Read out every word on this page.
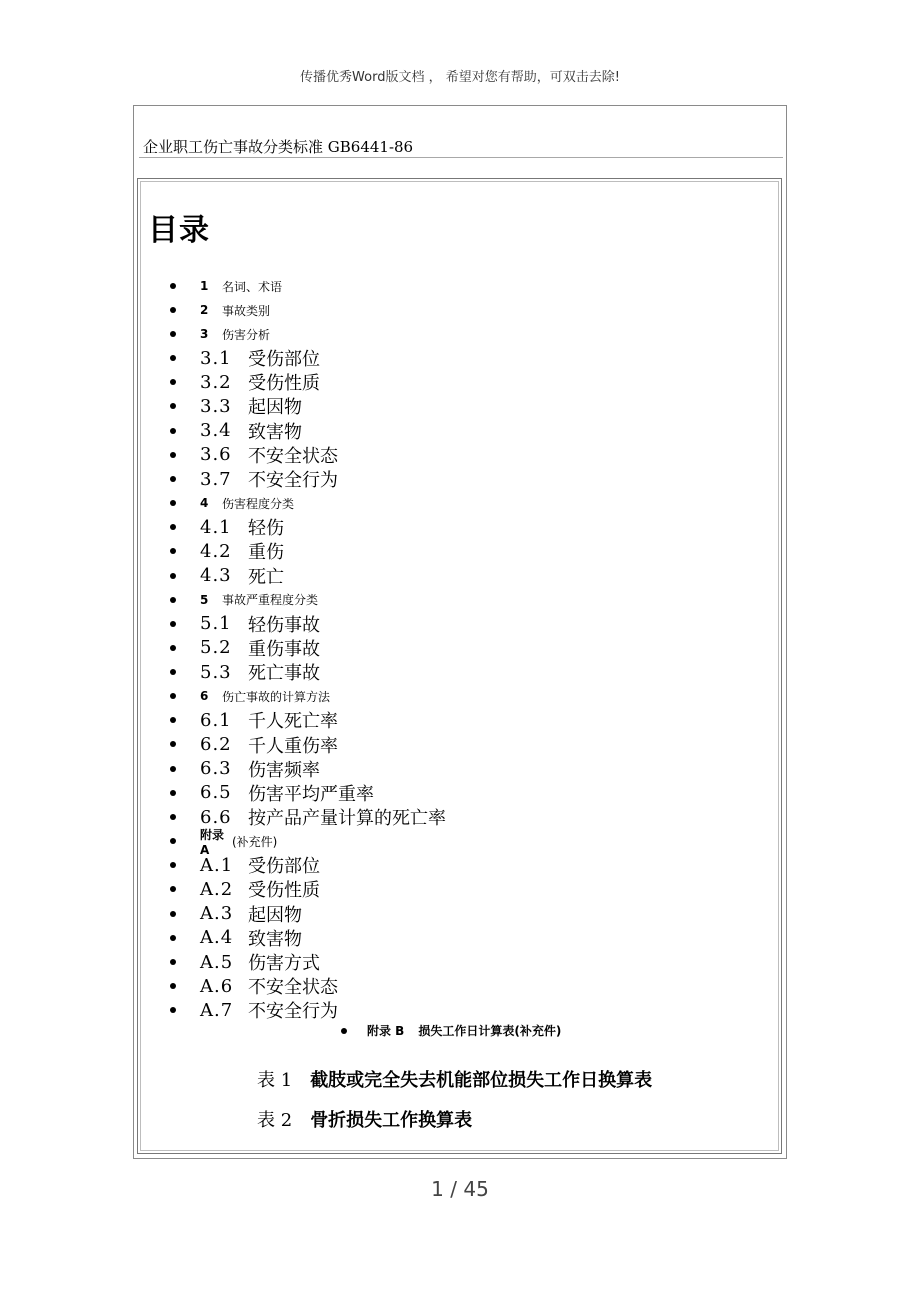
传播优秀Word版文档 ， 希望对您有帮助，可双击去除!
企业职工伤亡事故分类标准 GB6441-86
目录
1	名词、术语
2	事故类别
3	伤害分析
3.1 受伤部位
3.2 受伤性质
3.3 起因物
3.4 致害物
3.6 不安全状态
3.7 不安全行为
4	伤害程度分类
4.1 轻伤
4.2 重伤
4.3 死亡
5	事故严重程度分类
5.1 轻伤事故
5.2 重伤事故
5.3 死亡事故
6	伤亡事故的计算方法
6.1 千人死亡率
6.2 千人重伤率
6.3 伤害频率
6.5 伤害平均严重率
6.6 按产品产量计算的死亡率
附录 A
(补充件)
A.1 受伤部位
A.2 受伤性质
A.3 起因物
A.4 致害物
A.5 伤害方式
A.6 不安全状态
A.7 不安全行为
附录 B 损失工作日计算表(补充件)
表 1 截肢或完全失去机能部位损失工作日换算表
表 2 骨折损失工作换算表
1 / 45
